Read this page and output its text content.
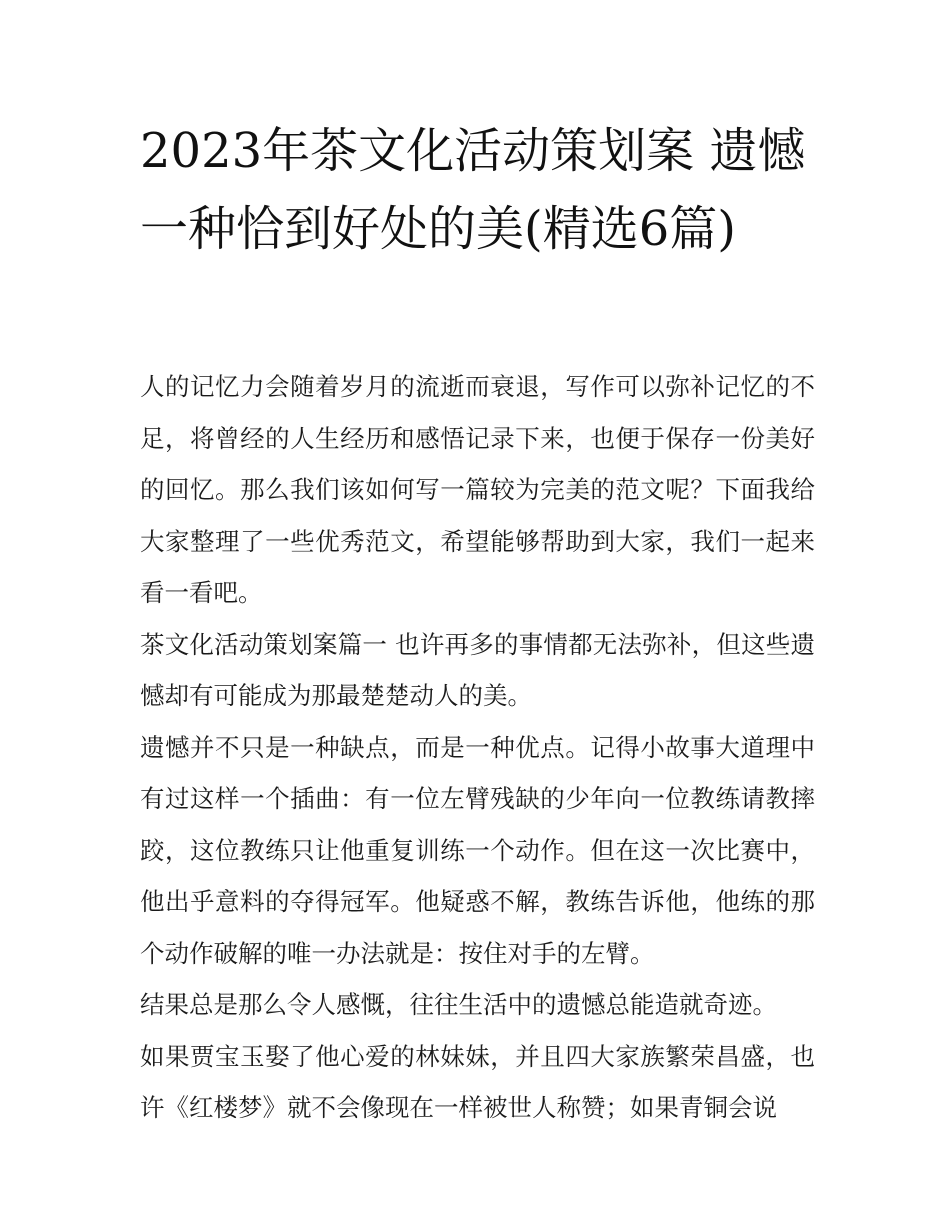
2023年茶文化活动策划案 遗憾一种恰到好处的美(精选6篇)

人的记忆力会随着岁月的流逝而衰退，写作可以弥补记忆的不足，将曾经的人生经历和感悟记录下来，也便于保存一份美好的回忆。那么我们该如何写一篇较为完美的范文呢？下面我给大家整理了一些优秀范文，希望能够帮助到大家，我们一起来看一看吧。

茶文化活动策划案篇一 也许再多的事情都无法弥补，但这些遗憾却有可能成为那最楚楚动人的美。

遗憾并不只是一种缺点，而是一种优点。记得小故事大道理中有过这样一个插曲：有一位左臂残缺的少年向一位教练请教摔跤，这位教练只让他重复训练一个动作。但在这一次比赛中，他出乎意料的夺得冠军。他疑惑不解，教练告诉他，他练的那个动作破解的唯一办法就是：按住对手的左臂。

结果总是那么令人感慨，往往生活中的遗憾总能造就奇迹。

如果贾宝玉娶了他心爱的林妹妹，并且四大家族繁荣昌盛，也许《红楼梦》就不会像现在一样被世人称赞；如果青铜会说
